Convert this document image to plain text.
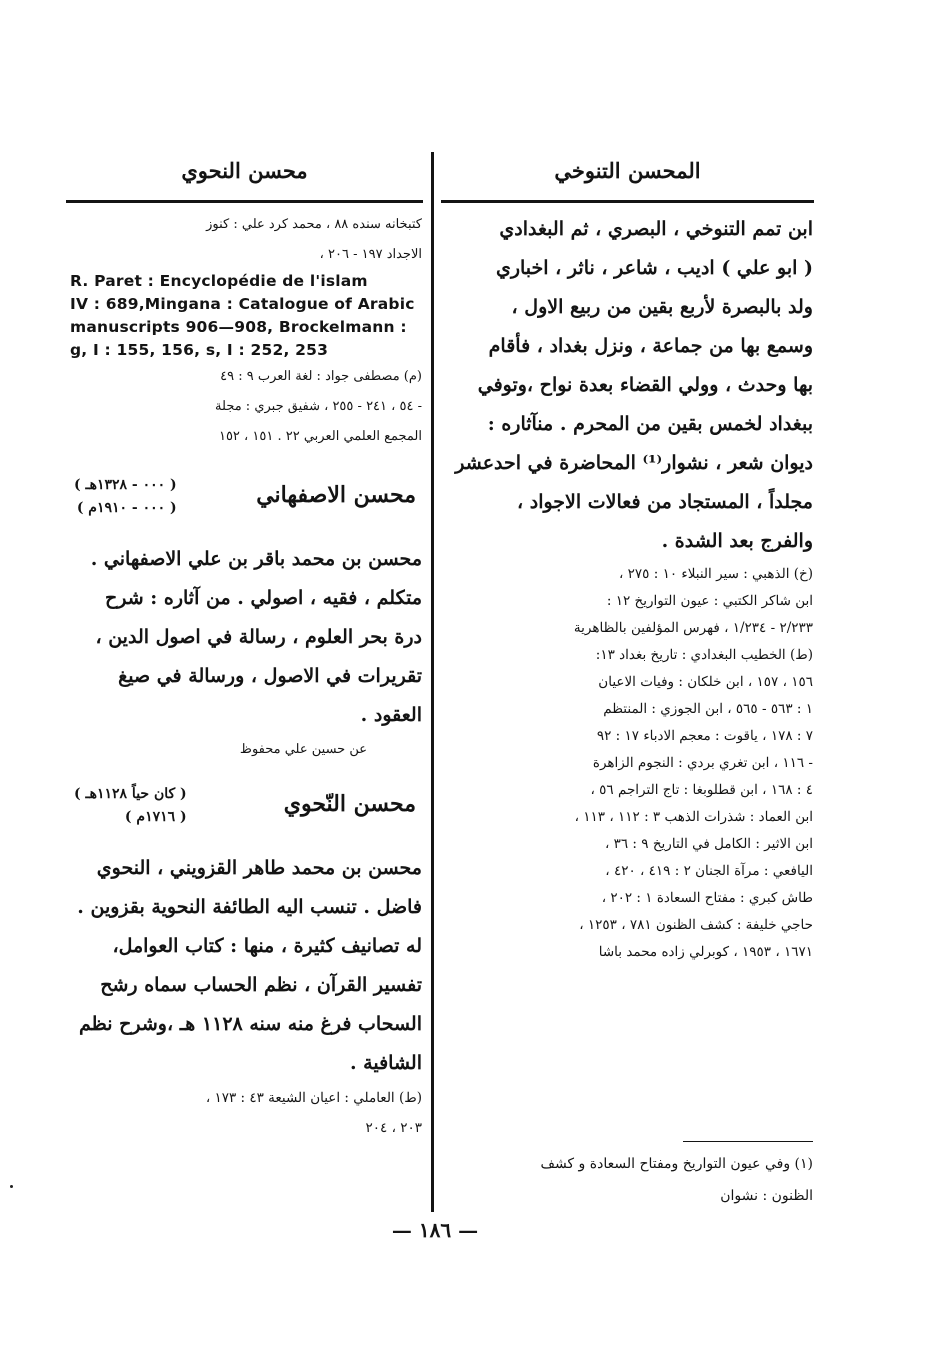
المحسن التنوخي
محسن النحوي
ابن تمم التنوخي ، البصري ، ثم البغدادي
( ابو علي ) اديب ، شاعر ، ناثر ، اخباري
ولد بالبصرة لأربع بقين من ربيع الاول ،
وسمع بها من جماعة ، ونزل بغداد ، فأقام
بها وحدث ، وولي القضاء بعدة نواح ،وتوفي
ببغداد لخمس بقين من المحرم . منآثاره :
ديوان شعر ، نشوار⁽¹⁾ المحاضرة في احدعشر
مجلداً ، المستجاد من فعالات الاجواد ،
والفرج بعد الشدة .
(خ) الذهبي : سير النبلاء ١٠ : ٢٧٥ ،
ابن شاكر الكتبي : عيون التواريخ ١٢ :
٢/٢٣٣ - ١/٢٣٤ ، فهرس المؤلفين بالظاهرية
(ط) الخطيب البغدادي : تاريخ بغداد ١٣:
١٥٦ ، ١٥٧ ، ابن خلكان : وفيات الاعيان
١ : ٥٦٣ - ٥٦٥ ، ابن الجوزي : المنتظم
٧ : ١٧٨ ، ياقوت : معجم الادباء ١٧ : ٩٢
- ١١٦ ، ابن تغري بردي : النجوم الزاهرة
٤ : ١٦٨ ، ابن قطلوبغا : تاج التراجم ٥٦ ،
ابن العماد : شذرات الذهب ٣ : ١١٢ ، ١١٣ ،
ابن الاثير : الكامل في التاريخ ٩ : ٣٦ ،
اليافعي : مرآة الجنان ٢ : ٤١٩ ، ٤٢٠ ،
طاش كبري : مفتاح السعادة ١ : ٢٠٢ ،
حاجي خليفة : كشف الظنون ٧٨١ ، ١٢٥٣ ،
١٦٧١ ، ١٩٥٣ ، كوبرلي زاده محمد باشا
(١) وفي عيون التواريخ ومفتاح السعادة و كشف
الظنون : نشوان
كتبخانه سنده ٨٨ ، محمد كرد علي : كنوز
الاجداد ١٩٧ - ٢٠٦ ،
R. Paret : Encyclopédie de l'islam
IV : 689,Mingana : Catalogue of Arabic
manuscripts 906—908, Brockelmann :
g, I : 155, 156, s, I : 252, 253
(م) مصطفى جواد : لغة العرب ٩ : ٤٩
- ٥٤ ، ٢٤١ - ٢٥٥ ، شفيق جبري : مجلة
المجمع العلمي العربي ٢٢ . ١٥١ ، ١٥٢
محسن الاصفهاني
( ٠٠٠ - ١٣٢٨هـ )
( ٠٠٠ - ١٩١٠م )
محسن بن محمد باقر بن علي الاصفهاني .
متكلم ، فقيه ، اصولي . من آثاره : شرح
درة بحر العلوم ، رسالة في اصول الدين ،
تقريرات في الاصول ، ورسالة في صيغ
العقود .
عن حسين علي محفوظ
محسن النّحوي
( كان حياً ١١٢٨هـ )
( ١٧١٦م )
محسن بن محمد طاهر القزويني ، النحوي
فاضل . تنسب اليه الطائفة النحوية بقزوين .
له تصانيف كثيرة ، منها : كتاب العوامل،
تفسير القرآن ، نظم الحساب سماه رشح
السحاب فرغ منه سنه ١١٢٨ هـ ،وشرح نظم
الشافية .
(ط) العاملي : اعيان الشيعة ٤٣ : ١٧٣ ،
٢٠٣ ، ٢٠٤
— ١٨٦ —
